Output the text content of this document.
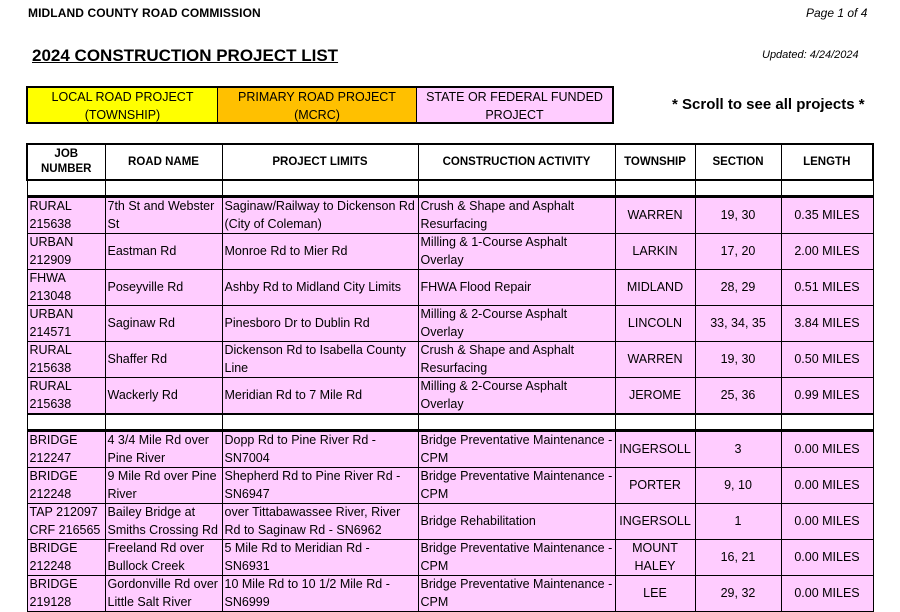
MIDLAND COUNTY ROAD COMMISSION	Page 1 of 4
2024 CONSTRUCTION PROJECT LIST	Updated: 4/24/2024
LOCAL ROAD PROJECT (TOWNSHIP)
PRIMARY ROAD PROJECT (MCRC)
STATE OR FEDERAL FUNDED PROJECT
* Scroll to see all projects *
JOB NUMBER	ROAD NAME	PROJECT LIMITS	CONSTRUCTION ACTIVITY	TOWNSHIP	SECTION	LENGTH

RURAL 215638	7th St and Webster St	Saginaw/Railway to Dickenson Rd (City of Coleman)	Crush & Shape and Asphalt Resurfacing	WARREN	19, 30	0.35 MILES
URBAN 212909	Eastman Rd	Monroe Rd to Mier Rd	Milling & 1-Course Asphalt Overlay	LARKIN	17, 20	2.00 MILES
FHWA 213048	Poseyville Rd	Ashby Rd to Midland City Limits	FHWA Flood Repair	MIDLAND	28, 29	0.51 MILES
URBAN 214571	Saginaw Rd	Pinesboro Dr to Dublin Rd	Milling & 2-Course Asphalt Overlay	LINCOLN	33, 34, 35	3.84 MILES
RURAL 215638	Shaffer Rd	Dickenson Rd to Isabella County Line	Crush & Shape and Asphalt Resurfacing	WARREN	19, 30	0.50 MILES
RURAL 215638	Wackerly Rd	Meridian Rd to 7 Mile Rd	Milling & 2-Course Asphalt Overlay	JEROME	25, 36	0.99 MILES

BRIDGE 212247	4 3/4 Mile Rd over Pine River	Dopp Rd to Pine River Rd - SN7004	Bridge Preventative Maintenance - CPM	INGERSOLL	3	0.00 MILES
BRIDGE 212248	9 Mile Rd over Pine River	Shepherd Rd to Pine River Rd - SN6947	Bridge Preventative Maintenance - CPM	PORTER	9, 10	0.00 MILES
TAP 212097 CRF 216565	Bailey Bridge at Smiths Crossing Rd	over Tittabawassee River, River Rd to Saginaw Rd - SN6962	Bridge Rehabilitation	INGERSOLL	1	0.00 MILES
BRIDGE 212248	Freeland Rd over Bullock Creek	5 Mile Rd to Meridian Rd - SN6931	Bridge Preventative Maintenance - CPM	MOUNT HALEY	16, 21	0.00 MILES
BRIDGE 219128	Gordonville Rd over Little Salt River	10 Mile Rd to 10 1/2 Mile Rd - SN6999	Bridge Preventative Maintenance - CPM	LEE	29, 32	0.00 MILES
